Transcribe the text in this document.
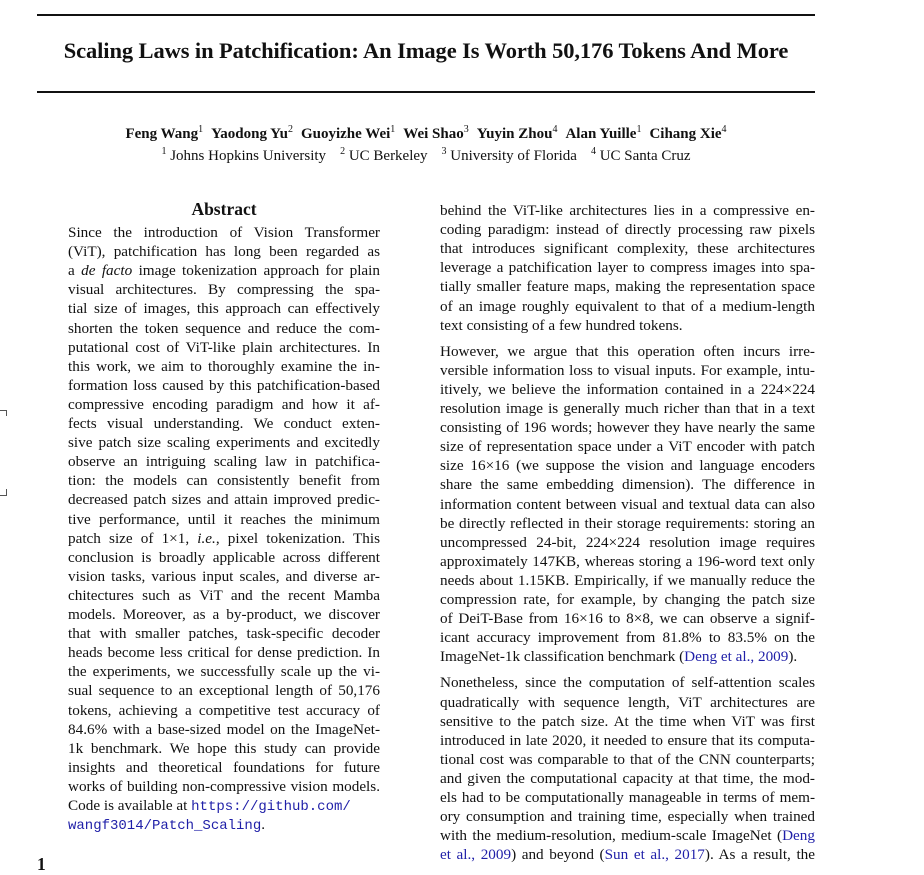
Scaling Laws in Patchification: An Image Is Worth 50,176 Tokens And More
Feng Wang$^1$ Yaodong Yu$^2$ Guoyizhe Wei$^1$ Wei Shao$^3$ Yuyin Zhou$^4$ Alan Yuille$^1$ Cihang Xie$^4$
$^1$ Johns Hopkins University $^2$ UC Berkeley $^3$ University of Florida $^4$ UC Santa Cruz
Abstract
Since the introduction of Vision Transformer
(ViT), patchification has long been regarded as
a de facto image tokenization approach for plain
visual architectures. By compressing the spa-
tial size of images, this approach can effectively
shorten the token sequence and reduce the com-
putational cost of ViT-like plain architectures. In
this work, we aim to thoroughly examine the in-
formation loss caused by this patchification-based
compressive encoding paradigm and how it af-
fects visual understanding. We conduct exten-
sive patch size scaling experiments and excitedly
observe an intriguing scaling law in patchifica-
tion: the models can consistently benefit from
decreased patch sizes and attain improved predic-
tive performance, until it reaches the minimum
patch size of 1×1, i.e., pixel tokenization. This
conclusion is broadly applicable across different
vision tasks, various input scales, and diverse ar-
chitectures such as ViT and the recent Mamba
models. Moreover, as a by-product, we discover
that with smaller patches, task-specific decoder
heads become less critical for dense prediction. In
the experiments, we successfully scale up the vi-
sual sequence to an exceptional length of 50,176
tokens, achieving a competitive test accuracy of
84.6% with a base-sized model on the ImageNet-
1k benchmark. We hope this study can provide
insights and theoretical foundations for future
works of building non-compressive vision models.
Code is available at https://github.com/
wangf3014/Patch_Scaling.
behind the ViT-like architectures lies in a compressive en-
coding paradigm: instead of directly processing raw pixels
that introduces significant complexity, these architectures
leverage a patchification layer to compress images into spa-
tially smaller feature maps, making the representation space
of an image roughly equivalent to that of a medium-length
text consisting of a few hundred tokens.
However, we argue that this operation often incurs irre-
versible information loss to visual inputs. For example, intu-
itively, we believe the information contained in a 224×224
resolution image is generally much richer than that in a text
consisting of 196 words; however they have nearly the same
size of representation space under a ViT encoder with patch
size 16×16 (we suppose the vision and language encoders
share the same embedding dimension). The difference in
information content between visual and textual data can also
be directly reflected in their storage requirements: storing an
uncompressed 24-bit, 224×224 resolution image requires
approximately 147KB, whereas storing a 196-word text only
needs about 1.15KB. Empirically, if we manually reduce the
compression rate, for example, by changing the patch size
of DeiT-Base from 16×16 to 8×8, we can observe a signif-
icant accuracy improvement from 81.8% to 83.5% on the
ImageNet-1k classification benchmark (Deng et al., 2009).
Nonetheless, since the computation of self-attention scales
quadratically with sequence length, ViT architectures are
sensitive to the patch size. At the time when ViT was first
introduced in late 2020, it needed to ensure that its computa-
tional cost was comparable to that of the CNN counterparts;
and given the computational capacity at that time, the mod-
els had to be computationally manageable in terms of mem-
ory consumption and training time, especially when trained
with the medium-resolution, medium-scale ImageNet (Deng
et al., 2009) and beyond (Sun et al., 2017). As a result, the
1
